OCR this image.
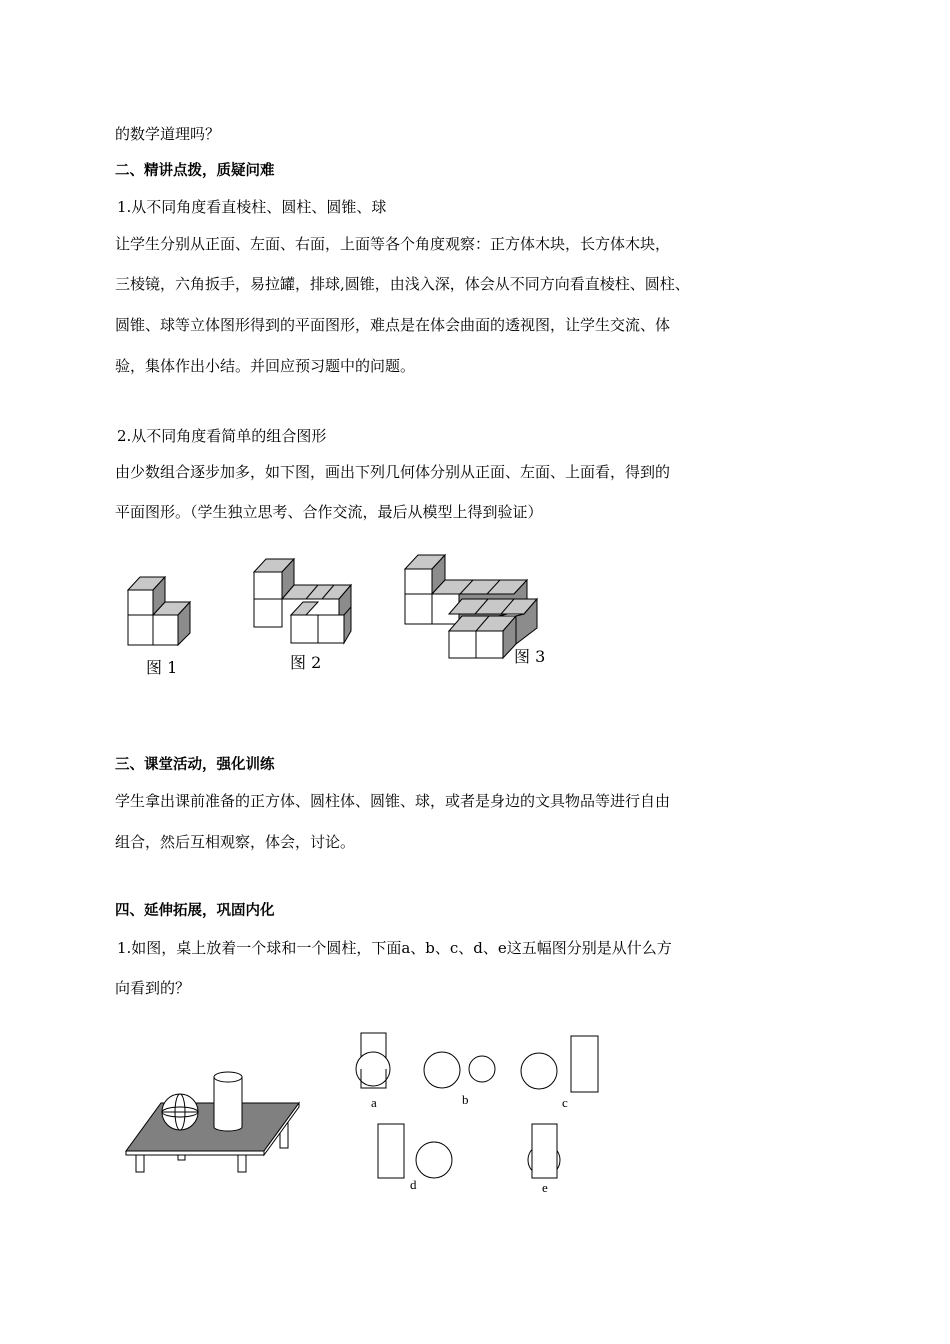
的数学道理吗？
二、精讲点拨，质疑问难
1.从不同角度看直棱柱、圆柱、圆锥、球
让学生分别从正面、左面、右面，上面等各个角度观察：正方体木块，长方体木块，
三棱镜，六角扳手，易拉罐，排球,圆锥，由浅入深，体会从不同方向看直棱柱、圆柱、
圆锥、球等立体图形得到的平面图形，难点是在体会曲面的透视图，让学生交流、体
验，集体作出小结。并回应预习题中的问题。
2.从不同角度看简单的组合图形
由少数组合逐步加多，如下图，画出下列几何体分别从正面、左面、上面看，得到的
平面图形。（学生独立思考、合作交流，最后从模型上得到验证）
图 1	图 2	图 3
三、课堂活动，强化训练
学生拿出课前准备的正方体、圆柱体、圆锥、球，或者是身边的文具物品等进行自由
组合，然后互相观察，体会，讨论。
四、延伸拓展，巩固内化
1.如图，桌上放着一个球和一个圆柱，下面a、b、c、d、e这五幅图分别是从什么方
向看到的？
a	b	c
d	e
